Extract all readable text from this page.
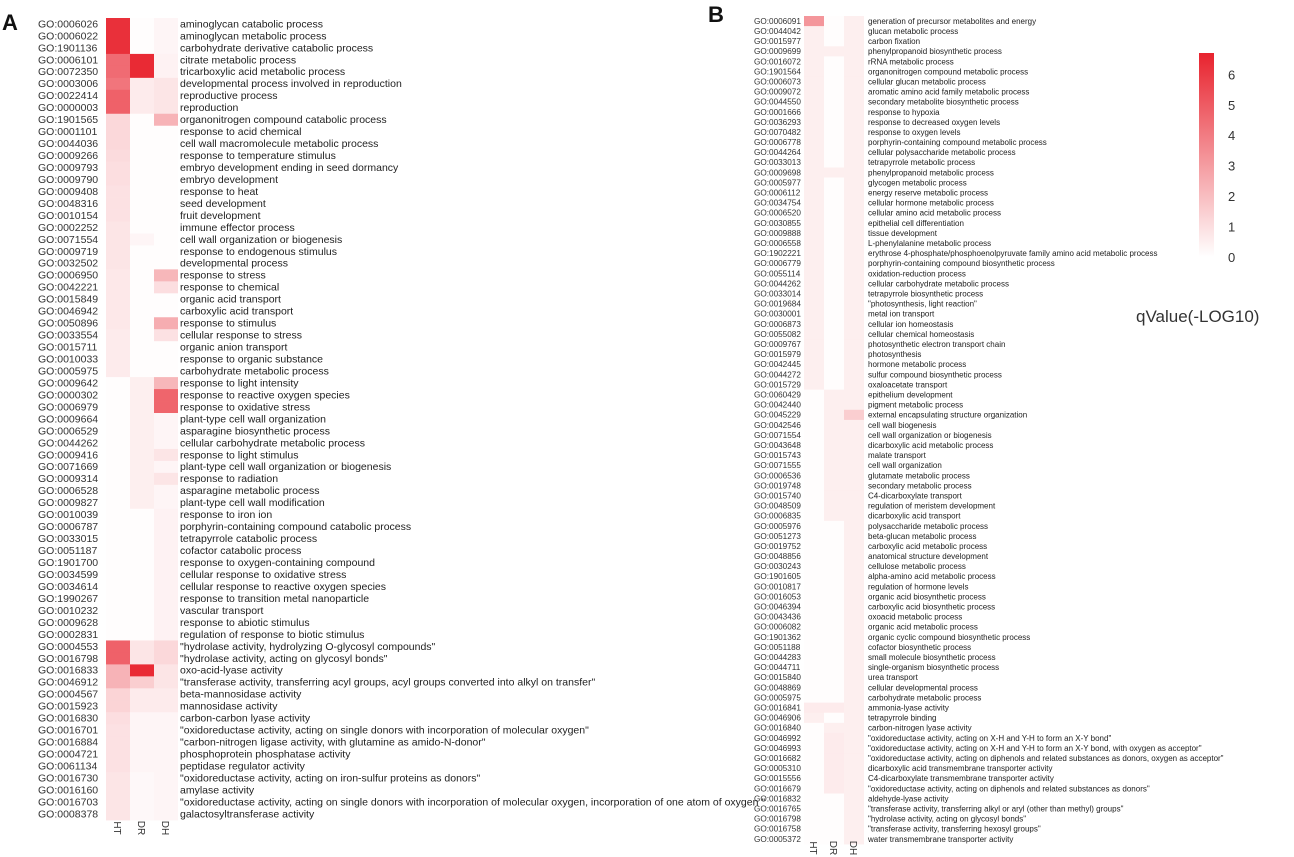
A GO:0006026	aminoglycan catabolic process
GO:0006022	aminoglycan metabolic process
GO:1901136	carbohydrate derivative catabolic process
GO:0006101	citrate metabolic process
GO:0072350	tricarboxylic acid metabolic process
GO:0003006	developmental process involved in reproduction
GO:0022414	reproductive process
GO:0000003	reproduction
GO:1901565	organonitrogen compound catabolic process
GO:0001101	response to acid chemical
GO:0044036	cell wall macromolecule metabolic process
GO:0009266	response to temperature stimulus
GO:0009793	embryo development ending in seed dormancy
GO:0009790	embryo development
GO:0009408	response to heat
GO:0048316	seed development
GO:0010154	fruit development
GO:0002252	immune effector process
GO:0071554	cell wall organization or biogenesis
GO:0009719	response to endogenous stimulus
GO:0032502	developmental process
GO:0006950	response to stress
GO:0042221	response to chemical
GO:0015849	organic acid transport
GO:0046942	carboxylic acid transport
GO:0050896	response to stimulus
GO:0033554	cellular response to stress
GO:0015711	organic anion transport
GO:0010033	response to organic substance
GO:0005975	carbohydrate metabolic process
GO:0009642	response to light intensity
GO:0000302	response to reactive oxygen species
GO:0006979	response to oxidative stress
GO:0009664	plant-type cell wall organization
GO:0006529	asparagine biosynthetic process
GO:0044262	cellular carbohydrate metabolic process
GO:0009416	response to light stimulus
GO:0071669	plant-type cell wall organization or biogenesis
GO:0009314	response to radiation
GO:0006528	asparagine metabolic process
GO:0009827	plant-type cell wall modification
GO:0010039	response to iron ion
GO:0006787	porphyrin-containing compound catabolic process
GO:0033015	tetrapyrrole catabolic process
GO:0051187	cofactor catabolic process
GO:1901700	response to oxygen-containing compound
GO:0034599	cellular response to oxidative stress
GO:0034614	cellular response to reactive oxygen species
GO:1990267	response to transition metal nanoparticle
GO:0010232	vascular transport
GO:0009628	response to abiotic stimulus
GO:0002831	regulation of response to biotic stimulus
GO:0004553	"hydrolase activity, hydrolyzing O-glycosyl compounds"
GO:0016798	"hydrolase activity, acting on glycosyl bonds"
GO:0016833	oxo-acid-lyase activity
GO:0046912	"transferase activity, transferring acyl groups, acyl groups converted into alkyl on transfer"
GO:0004567	beta-mannosidase activity
GO:0015923	mannosidase activity
GO:0016830	carbon-carbon lyase activity
GO:0016701	"oxidoreductase activity, acting on single donors with incorporation of molecular oxygen"
GO:0016884	"carbon-nitrogen ligase activity, with glutamine as amido-N-donor"
GO:0004721	phosphoprotein phosphatase activity
GO:0061134	peptidase regulator activity
GO:0016730	"oxidoreductase activity, acting on iron-sulfur proteins as donors"
GO:0016160	amylase activity
GO:0016703	"oxidoreductase activity, acting on single donors with incorporation of molecular oxygen, incorporation of one atom of oxygen "
GO:0008378	galactosyltransferase activity
HT DR DH
B	GO:0006091	generation of precursor metabolites and energy
GO:0044042	glucan metabolic process
GO:0015977	carbon fixation
GO:0009699	phenylpropanoid biosynthetic process
GO:0016072	rRNA metabolic process
GO:1901564	organonitrogen compound metabolic process
GO:0006073	cellular glucan metabolic process
GO:0009072	aromatic amino acid family metabolic process
GO:0044550	secondary metabolite biosynthetic process
GO:0001666	response to hypoxia
GO:0036293	response to decreased oxygen levels
GO:0070482	response to oxygen levels
GO:0006778	porphyrin-containing compound metabolic process
GO:0044264	cellular polysaccharide metabolic process
GO:0033013	tetrapyrrole metabolic process
GO:0009698	phenylpropanoid metabolic process
GO:0005977	glycogen metabolic process
GO:0006112	energy reserve metabolic process
GO:0034754	cellular hormone metabolic process
GO:0006520	cellular amino acid metabolic process
GO:0030855	epithelial cell differentiation
GO:0009888	tissue development
GO:0006558	L-phenylalanine metabolic process
GO:1902221	erythrose 4-phosphate/phosphoenolpyruvate family amino acid metabolic process
GO:0006779	porphyrin-containing compound biosynthetic process
GO:0055114	oxidation-reduction process
GO:0044262	cellular carbohydrate metabolic process
GO:0033014	tetrapyrrole biosynthetic process
GO:0019684	"photosynthesis, light reaction"
GO:0030001	metal ion transport
GO:0006873	cellular ion homeostasis
GO:0055082	cellular chemical homeostasis
GO:0009767	photosynthetic electron transport chain
GO:0015979	photosynthesis
GO:0042445	hormone metabolic process
GO:0044272	sulfur compound biosynthetic process
GO:0015729	oxaloacetate transport
GO:0060429	epithelium development
GO:0042440	pigment metabolic process
GO:0045229	external encapsulating structure organization
GO:0042546	cell wall biogenesis
GO:0071554	cell wall organization or biogenesis
GO:0043648	dicarboxylic acid metabolic process
GO:0015743	malate transport
GO:0071555	cell wall organization
GO:0006536	glutamate metabolic process
GO:0019748	secondary metabolic process
GO:0015740	C4-dicarboxylate transport
GO:0048509	regulation of meristem development
GO:0006835	dicarboxylic acid transport
GO:0005976	polysaccharide metabolic process
GO:0051273	beta-glucan metabolic process
GO:0019752	carboxylic acid metabolic process
GO:0048856	anatomical structure development
GO:0030243	cellulose metabolic process
GO:1901605	alpha-amino acid metabolic process
GO:0010817	regulation of hormone levels
GO:0016053	organic acid biosynthetic process
GO:0046394	carboxylic acid biosynthetic process
GO:0043436	oxoacid metabolic process
GO:0006082	organic acid metabolic process
GO:1901362	organic cyclic compound biosynthetic process
GO:0051188	cofactor biosynthetic process
GO:0044283	small molecule biosynthetic process
GO:0044711	single-organism biosynthetic process
GO:0015840	urea transport
GO:0048869	cellular developmental process
GO:0005975	carbohydrate metabolic process
GO:0016841	ammonia-lyase activity
GO:0046906	tetrapyrrole binding
GO:0016840	carbon-nitrogen lyase activity
GO:0046992	"oxidoreductase activity, acting on X-H and Y-H to form an X-Y bond"
GO:0046993	"oxidoreductase activity, acting on X-H and Y-H to form an X-Y bond, with oxygen as acceptor"
GO:0016682	"oxidoreductase activity, acting on diphenols and related substances as donors, oxygen as acceptor"
GO:0005310	dicarboxylic acid transmembrane transporter activity
GO:0015556	C4-dicarboxylate transmembrane transporter activity
GO:0016679	"oxidoreductase activity, acting on diphenols and related substances as donors"
GO:0016832	aldehyde-lyase activity
GO:0016765	"transferase activity, transferring alkyl or aryl (other than methyl) groups"
GO:0016798	"hydrolase activity, acting on glycosyl bonds"
GO:0016758	"transferase activity, transferring hexosyl groups"
GO:0005372	water transmembrane transporter activity
HT DR DH
6
5
4
3
2
1
0
qValue(-LOG10)
